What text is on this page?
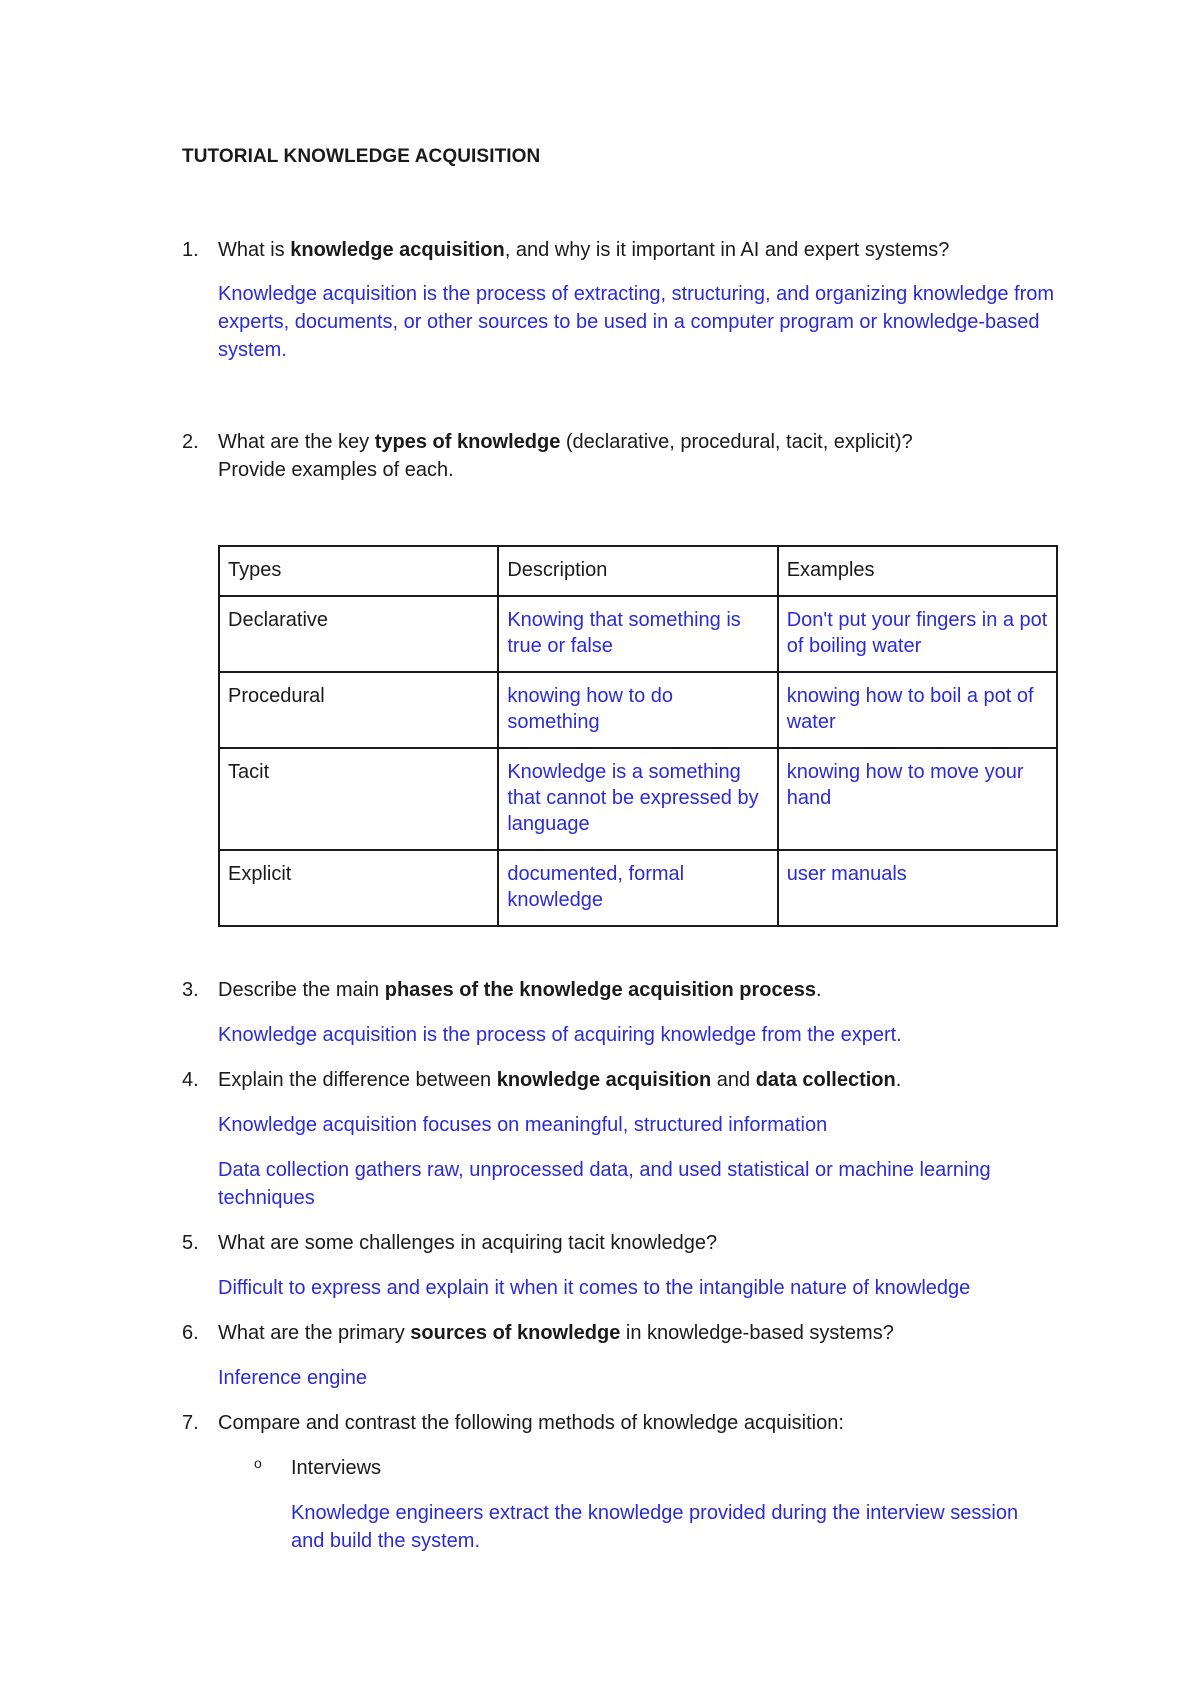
TUTORIAL KNOWLEDGE ACQUISITION
1. What is knowledge acquisition, and why is it important in AI and expert systems?
Knowledge acquisition is the process of extracting, structuring, and organizing knowledge from experts, documents, or other sources to be used in a computer program or knowledge-based system.
2. What are the key types of knowledge (declarative, procedural, tacit, explicit)?
Provide examples of each.
Types	Description	Examples
Declarative	Knowing that something is true or false	Don't put your fingers in a pot of boiling water
Procedural	knowing how to do something	knowing how to boil a pot of water
Tacit	Knowledge is a something that cannot be expressed by language	knowing how to move your hand
Explicit	documented, formal knowledge	user manuals
3. Describe the main phases of the knowledge acquisition process.
Knowledge acquisition is the process of acquiring knowledge from the expert.
4. Explain the difference between knowledge acquisition and data collection.
Knowledge acquisition focuses on meaningful, structured information
Data collection gathers raw, unprocessed data, and used statistical or machine learning techniques
5. What are some challenges in acquiring tacit knowledge?
Difficult to express and explain it when it comes to the intangible nature of knowledge
6. What are the primary sources of knowledge in knowledge-based systems?
Inference engine
7. Compare and contrast the following methods of knowledge acquisition:
o Interviews
Knowledge engineers extract the knowledge provided during the interview session and build the system.
